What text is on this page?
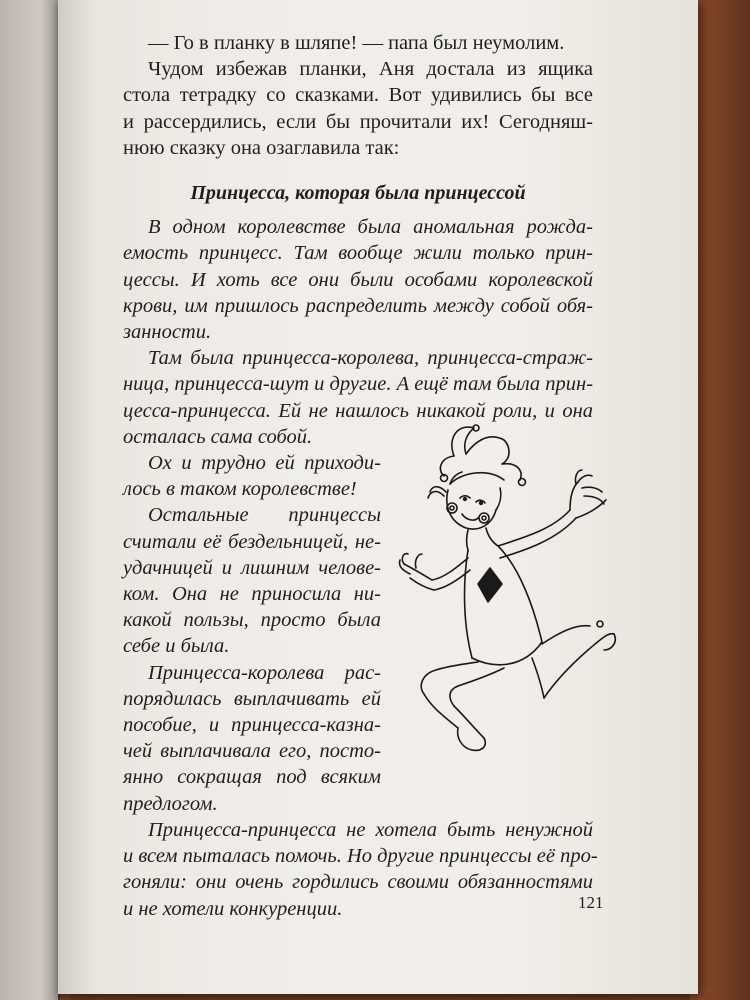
— Го в планку в шляпе! — папа был неумолим.
Чудом избежав планки, Аня достала из ящика
стола тетрадку со сказками. Вот удивились бы все
и рассердились, если бы прочитали их! Сегодняш-
нюю сказку она озаглавила так:
Принцесса, которая была принцессой
В одном королевстве была аномальная рожда-
емость принцесс. Там вообще жили только прин-
цессы. И хоть все они были особами королевской
крови, им пришлось распределить между собой обя-
занности.
Там была принцесса-королева, принцесса-страж-
ница, принцесса-шут и другие. А ещё там была прин-
цесса-принцесса. Ей не нашлось никакой роли, и она
осталась сама собой.
Ох и трудно ей приходи-
лось в таком королевстве!
Остальные принцессы
считали её бездельницей, не-
удачницей и лишним челове-
ком. Она не приносила ни-
какой пользы, просто была
себе и была.
Принцесса-королева рас-
порядилась выплачивать ей
пособие, и принцесса-казна-
чей выплачивала его, посто-
янно сокращая под всяким
предлогом.
Принцесса-принцесса не хотела быть ненужной
и всем пыталась помочь. Но другие принцессы её про-
гоняли: они очень гордились своими обязанностями
и не хотели конкуренции.	121
